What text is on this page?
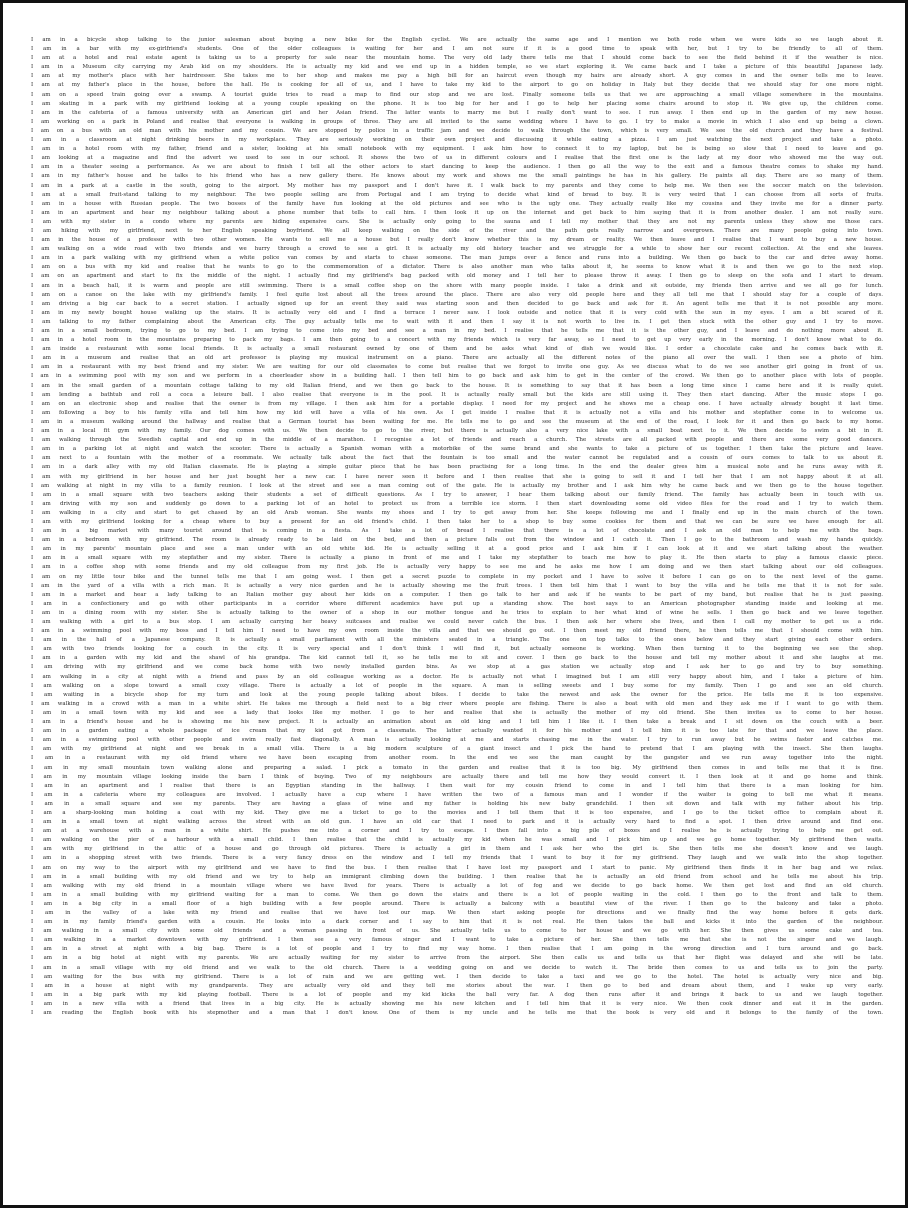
I am in a bicycle shop talking to the junior salesman about buying a new bike for the English cyclist. We are actually the same age and I mention we both rode when we were kids so we laugh about it.
I am in a bar with my ex-girlfriend's students. One of the older colleagues is waiting for her and I am not sure if it is a good time to speak with her, but I try to be friendly to all of them.
I am at a hotel and real estate agent is taking us to a property for sale near the mountain home. The very old lady there tells me that I should come back to see the field behind it if the weather is nice.
I am in a Museum city carrying my Arab kid on my shoulders. He is actually my kid and we end up in a hidden temple, so we start exploring it. We came back and I take a picture of this beautiful Japanese lady.
I am at my mother's place with her hairdresser. She takes me to her shop and makes me pay a high bill for an haircut even though my hairs are already short. A guy comes in and the owner tells me to leave.
I am at my father's place in the house, before the hall. He is cooking for all of us, and I have to take my kid to the airport to go on holiday in Italy but they decide that we should stay for one more night.
I am on a speed train going over a swamp. A tourist guide tries to read a map to find our stop and we are lost. Finally someone tells us that we are approaching a small village somewhere in the mountains.
I am skating in a park with my girlfriend looking at a young couple speaking on the phone. It is too big for her and I go to help her placing some chairs around to stop it. We give up, the children come.
I am in the cafeteria of a famous university with an American girl and her Asian friend. The latter wants to marry me but I really don't want to see. I run away. I then end up in the garden of my new house.
I am working on a park in Poland and realise that everyone is walking in groups of three. They are all invited to the same wedding where I have to go. I try to make a movie in which I also end up being a clown.
I am on a bus with an old man with his mother and my cousin. We are stopped by police in a traffic jam and we decide to walk through the town, which is very small. We see the old church and they have a festival.
I am in a classroom at night drinking beers in my workplace. They are seriously working on their own project and discussing it while eating a pizza. I am just watching the next project and take a photo.
I am in a hotel room with my father, friend and a sister, looking at his small notebook with my equipment. I ask him how to connect it to my laptop, but he is being so slow that I need to leave and go.
I am looking at a magazine and find the advert we used to see in our school. It shows the two of us in different colours and I realise that the first one is the lady at my door who showed me the way out.
I am in a theater seeing a performance. As we are about to finish I tell all the other actors to start dancing to keep the audience. I then go all the way to the exit and a famous theatre comes to shake my hand.
I am in my father's house and he talks to his friend who has a new gallery there. He knows about my work and shows me the small paintings he has in his gallery. He paints all day. There are so many of them.
I am in a park at a castle in the south, going to the airport. My mother has my passport and I don't have it. I walk back to my parents and they come to help me. We then see the soccer match on the television.
I am at a small fruit-stand talking to my neighbour. The two people selling are from Portugal and I am trying to decide what kind of bread to buy. It is very weird that I can choose from all sorts of fruits.
I am in a house with Russian people. The two bosses of the family have fun looking at the old pictures and see who is the ugly one. They actually really like my cousins and they invite me for a dinner party.
I am in an apartment and hear my neighbour talking about a phone number that tells to call him. I then look it up on the internet and get back to him saying that it is from another dealer. I am not really sure.
I am with my sister in a condo where my parents are hiding expensive cars. She is actually only going to the sauna and I tell my mother that they are not my parents unless they show me those cars.
I am hiking with my girlfriend, next to her English speaking boyfriend. We all keep walking on the side of the river and the path gets really narrow and overgrown. There are many people going into town.
I am in the house of a professor with two other women. He wants to sell me a house but I really don't know whether this is my dream or reality. We then leave and I realise that I want to buy a new house.
I am walking on a wide road with two friends and we hurry through a crowd to see a girl. It is actually my old history teacher and we struggle for a while to show her our recent collection. At the end she leaves.
I am in a park walking with my girlfriend when a white police van comes by and starts to chase someone. The man jumps over a fence and runs into a building. We then go back to the car and drive away home.
I am on a bus with my kid and realise that he wants to go to the commemoration of a dictator. There is also another man who talks about it, he seems to know what it is and then we go to the next stop.
I am on an apartment and start to fix the middle of the night. I actually find my girlfriend's bag packed with old money and I tell her to please throw it away. I then go to sleep on the sofa and I start to dream.
I am in a beach hall, it is warm and people are still swimming. There is a small coffee shop on the shore with many people inside. I take a drink and sit outside, my friends then arrive and we all go for lunch.
I am on a canoe on the lake with my girlfriend's family. I feel quite lost about all the trees around the place. There are also very old people here and they all tell me that I should stay for a couple of days.
I am driving a big car back to a secret station. I actually signed up for an event they said was starting soon and then decided to go back and ask for it. An agent tells me that it is not possible any more.
I am in my newly bought house walking up the stairs. It is actually very old and I find a terrace I never saw. I look outside and notice that it is very cold with the sun in my eyes. I am a bit scared of it.
I am talking to my father complaining about the American city. The guy actually tells me to wait with it and then I say it is not worth to live in. I get then stuck with the other guy and I try to move.
I am in a small bedroom, trying to go to my bed. I am trying to come into my bed and see a man in my bed. I realise that he tells me that it is the other guy, and I leave and do nothing more about it.
I am in a hotel room in the mountains preparing to pack my bags. I am then going to a concert with my friends which is very far away, so I need to get up very early in the morning. I don't know what to do.
I am inside a restaurant with some local friends. It is actually a small restaurant owned by one of them and he asks what kind of dish we would like. I order a chocolate cake and he comes back with it.
I am in a museum and realise that an old art professor is playing my musical instrument on a piano. There are actually all the different notes of the piano all over the wall. I then see a photo of him.
I am in a restaurant with my best friend and my sister. We are waiting for our old classmates to come but realise that we forgot to invite one guy. As we discuss what to do we see another girl going in front of us.
I am in a swimming pool with my son and we perform in a cheerleader show in a building hall. I then tell him to go back and ask him to get in the center of the crowd. We then go to another place with lots of people.
I am in the small garden of a mountain cottage talking to my old Italian friend, and we then go back to the house. It is something to say that it has been a long time since I came here and it is really quiet.
I am lending a bathtub and roll a coca a leisure ball. I also realise that everyone is in the pool. It is actually really small but the kids are still using it. They then start dancing. After the music stops I go.
I am on an electronic shop and realise that the owner is from my village. I then ask him for a portable display. I need for my project and he shows me a cheap one. I have actually already bought it last time.
I am following a boy to his family villa and tell him how my kid will have a villa of his own. As I get inside I realise that it is actually not a villa and his mother and stepfather come in to welcome us.
I am in a museum walking around the hallway and realise that a German tourist has been waiting for me. He tells me to go and see the museum at the end of the road, I look for it and then go back to my home.
I am in a local fit gym with my family. Our dog comes with us. We then decide to go to the river, but there is actually also a very nice lake with a small boat next to it. We then decide to swim a bit in it.
I am walking through the Swedish capital and end up in the middle of a marathon. I recognise a lot of friends and reach a church. The streets are all packed with people and there are some very good dancers.
I am in a parking lot at night and watch the scooter. There is actually a Spanish woman with a motorbike of the same brand and she wants to take a picture of us together. I then take the picture and leave.
I am next to a fountain with the mother of a roommate. We actually talk about the fact that the fountain is too small and the water cannot be regulated and a cousin of ours comes to talk to us about it.
I am in a dark alley with my old Italian classmate. He is playing a simple guitar piece that he has been practising for a long time. In the end the dealer gives him a musical note and he runs away with it.
I am with my girlfriend in her house and her just bought her a new car. I have never seen it before and I then realise that she is going to sell it and I tell her that I am not happy about it at all.
I am walking at night in my villa to a family reunion. I look at the street and see a man coming out of the gate. He is actually my brother and I ask him why he came back and we then go to the house together.
I am in a small square with two teachers asking their students a set of difficult questions. As I try to answer, I hear them talking about our family friend. The family has actually been in touch with us.
I am driving with my son and suddenly go down to a parking lot of an hotel to protect us from a terrible ice storm. I then start downloading some old video files for the road and I try to watch them.
I am walking in a city and start to get chased by an old Arab woman. She wants my shoes and I try to get away from her. She keeps following me and I finally end up in the main church of the town.
I am with my girlfriend looking for a cheap where to buy a present for an old friend's child. I then take her to a shop to buy some cookies for them and that we can be sure we have enough for all.
I am in a big market with many tourist around that is coming in a fiesta. As I take a lot of bread I realise that there is a lot of chocolate and I ask an old man to help me with the bags.
I am in a bedroom with my girlfriend. The room is already ready to be laid on the bed, and then a picture falls out from the window and I catch it. Then I go to the bathroom and wash my hands quickly.
I am in my parents' mountain place and see a man under with an old white kid. He is actually selling it at a good price and I ask him if I can look at it and we start talking about the weather.
I am in a small square with my stepfather and my sister. There is actually a piano in front of me and I take my stepfather to teach me how to play it. He then starts to play a famous classic piece.
I am in a coffee shop with some friends and my old colleague from my first job. He is actually very happy to see me and he asks me how I am doing and we then start talking about our old colleagues.
I am on my little tour bike and the tunnel tells me that I am going west. I then get a secret puzzle to complete in my pocket and I have to solve it before I can go on to the next level of the game.
I am in the yard of a villa with a rich man. It is actually a very nice garden and he is actually showing me the fruit trees. I then tell him that I want to buy the villa and he tells me that it is not for sale.
I am in a market and hear a lady talking to an Italian mother guy about her kids on a computer. I then go talk to her and ask if he wants to be part of my band, but realise that he is just passing.
I am in a confectionery and go with other participants in a corridor where different academics have put up a standing show. The host says to an American photographer standing inside and looking at me.
I am in a dining room with my sister. She is actually talking to the owner of a shop in our mother tongue and he tries to explain to her what kind of wine he sells. I then go back and we leave together.
I am walking with a girl to a bus stop. I am actually carrying her heavy suitcases and realise we could never catch the bus. I then ask her where she lives, and then I call my mother to get us a ride.
I am in a swimming pool with my boss and I tell him I need to have my own room inside the villa and that we should go out. I then meet my old friend there, he then tells me that I should come with him.
I am in the hall of a Japanese company. It is actually a small parliament with all the ministers seated in a triangle. The one on top talks to the ones below and they start giving each other orders.
I am with two friends looking for a couch in the city. It is very special and I don't think I will find it, but actually someone is working. When then turning it to the beginning we see the shop.
I am in a garden with my kid and the shawl of his grandpa. The kid cannot tell it, so he tells me to sit and cover. I then go back to the house and tell my mother about it and she laughs at me.
I am driving with my girlfriend and we come back home with two newly installed garden bins. As we stop at a gas station we actually stop and I ask her to go and try to buy something.
I am walking in a city at night with a friend and pass by an old colleague working as a doctor. He is actually not what I imagined but I am still very happy about him, and I take a picture of him.
I am walking on a slope toward a small cozy village. There is actually a lot of people in the square. A man is selling sweets and I buy some for my family. Then I go and see an old church.
I am waiting in a bicycle shop for my turn and look at the young people talking about bikes. I decide to take the newest and ask the owner for the price. He tells me it is too expensive.
I am walking in a crowd with a man in a white shirt. He takes me through a field next to a big river where people are fishing. There is also a boat with old men and they ask me if I want to go with them.
I am in a small town with my kid and see a lady that looks like my mother. I go to her and realise that she is actually the mother of my old friend. She then invites us to come to her house.
I am in a friend's house and he is showing me his new project. It is actually an animation about an old king and I tell him I like it. I then take a break and I sit down on the couch with a beer.
I am in a garden eating a whole package of ice cream that my kid got from a classmate. The latter actually wanted it for his mother and I tell him it is too late for that and we leave the place.
I am in a swimming pool with other people and swim really fast diagonally. A man is actually looking at me and starts chasing me in the water. I try to run away but he swims faster and catches me.
I am with my girlfriend at night and we break in a small villa. There is a big modern sculpture of a giant insect and I pick the hand to pretend that I am playing with the insect. She then laughs.
I am in a restaurant with my old friend where we have been escaping from another room. In the end we see the man caught by the gangster and we run away together into the night.
I am in my small mountain town walking alone and preparing a salad. I pick a tomato in the garden and realise that it is too big. My girlfriend then comes in and tells me that it is fine.
I am in my mountain village looking inside the barn I think of buying. Two of my neighbours are actually there and tell me how they would convert it. I then look at it and go home and think.
I am in an apartment and I realise that there is an Egyptian standing in the hallway. I then wait for my cousin friend to come in and I tell him that there is a man looking for him.
I am in a cafeteria where my colleagues are involved. I actually have a cup where I have written the two of a famous man and I wonder if the waiter is going to tell me what it means.
I am in a small square and see my parents. They are having a glass of wine and my father is holding his new baby grandchild. I then sit down and talk with my father about his trip.
I am a sharp-looking man holding a coat with my kid. They give me a ticket to go to the movies and I tell them that it is too expensive, and I go to the ticket office to complain about it.
I am in a small town at night walking across the street with an old gun. I have an old car that I need to park and it is actually very hard to find a spot. I then drive around and find one.
I am at a warehouse with a man in a white shirt. He pushes me into a corner and I try to escape. I then fall into a big pile of boxes and I realise he is actually trying to help me get out.
I am walking on the pier of a harbour with a small child. I then realise that the child is actually my kid when he was small and I pick him up and we go home together. My girlfriend then waits.
I am with my girlfriend in the attic of a house and go through old pictures. There is actually a girl in them and I ask her who the girl is. She then tells me she doesn't know and we laugh.
I am in a shopping street with two friends. There is a very fancy dress on the window and I tell my friends that I want to buy it for my girlfriend. They laugh and we walk into the shop together.
I am on my way to the airport with my girlfriend and we have to find the bus. I then realise that I have lost my passport and I start to panic. My girlfriend then finds it in her bag and we relax.
I am in a small building with my old friend and we try to help an immigrant climbing down the building. I then realise that he is actually an old friend from school and he tells me about his trip.
I am walking with my old friend in a mountain village where we have lived for years. There is actually a lot of fog and we decide to go back home. We then get lost and find an old church.
I am in a small building with my girlfriend waiting for a man to come. We then go down the stairs and there is a lot of people waiting in the cold. I then go to the front and talk to them.
I am in a big city in a small floor of a high building with a few people around. There is actually a balcony with a beautiful view of the river. I then go to the balcony and take a photo.
I am in the valley of a lake with my friend and realise that we have lost our map. We then start asking people for directions and we finally find the way home before it gets dark.
I am in my family friend's garden with a cousin. He looks into a dark corner and I say to him that it is not real. He then takes the ball and kicks it into the garden of the neighbour.
I am walking in a small city with some old friends and a woman passing in front of us. She actually tells us to come to her house and we go with her. She then gives us some cake and tea.
I am walking in a market downtown with my girlfriend. I then see a very famous singer and I want to take a picture of her. She then tells me that she is not the singer and we laugh.
I am in a street at night with a big bag. There is a lot of people and I try to find my way home. I then realise that I am going in the wrong direction and I turn around and go back.
I am in a big hotel at night with my parents. We are actually waiting for my sister to arrive from the airport. She then calls us and tells us that her flight was delayed and she will be late.
I am in a small village with my old friend and we walk to the old church. There is a wedding going on and we decide to watch it. The bride then comes to us and tells us to join the party.
I am waiting for the bus with my girlfriend. There is a lot of rain and we are getting wet. I then decide to take a taxi and we go to the hotel. The hotel is actually very nice and big.
I am in a house at night with my grandparents. They are actually very old and they tell me stories about the war. I then go to bed and dream about them, and I wake up very early.
I am in a big park with my kid playing football. There is a lot of people and my kid kicks the ball very far. A dog then runs after it and brings it back to us and we laugh together.
I am in a new villa with a friend that lives in a big city. He is actually showing me his new kitchen and I tell him that it is very nice. We then cook dinner and eat it in the garden.
I am reading the English book with his stepmother and a man that I don't know. One of them is my uncle and he tells me that the book is very old and it belongs to the family of the town.
